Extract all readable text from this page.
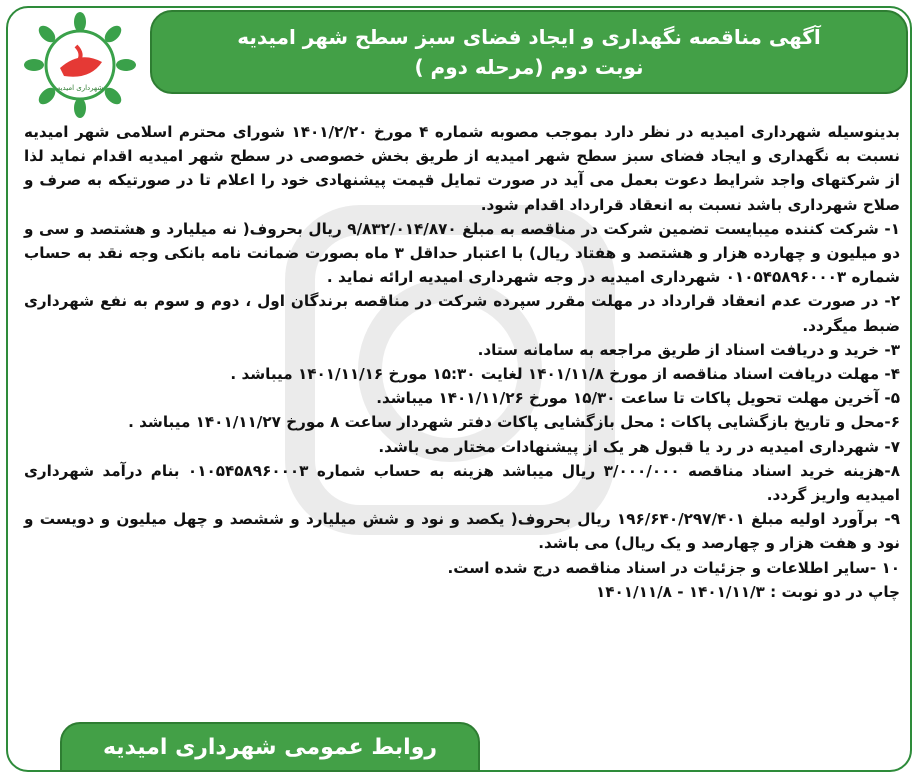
آگهی مناقصه نگهداری و ایجاد فضای سبز سطح شهر امیدیه
( مرحله دوم) نوبت دوم
شهرداری امیدیه

بدینوسیله شهرداری امیدیه در نظر دارد بموجب مصوبه شماره ۴ مورخ ۱۴۰۱/۲/۲۰ شورای محترم اسلامی شهر امیدیه نسبت به نگهداری و ایجاد فضای سبز سطح شهر امیدیه از طریق بخش خصوصی در سطح شهر امیدیه اقدام نماید لذا از شرکتهای واجد شرایط دعوت بعمل می آید در صورت تمایل قیمت پیشنهادی خود را اعلام تا در صورتیکه به صرف و صلاح شهرداری باشد نسبت به انعقاد قرارداد اقدام شود.

۱- شرکت کننده میبایست تضمین شرکت در مناقصه به مبلغ ۹/۸۳۲/۰۱۴/۸۷۰ ریال بحروف( نه میلیارد و هشتصد و سی و دو میلیون و چهارده هزار و هشتصد و هفتاد ریال) با اعتبار حداقل ۳ ماه بصورت ضمانت نامه بانکی وجه نقد به حساب شماره ۰۱۰۵۴۵۸۹۶۰۰۰۳ شهرداری امیدیه در وجه شهرداری امیدیه ارائه نماید .

۲- در صورت عدم انعقاد قرارداد در مهلت مقرر سپرده شرکت در مناقصه برندگان اول ، دوم و سوم به نفع شهرداری ضبط میگردد.

۳- خرید و دریافت اسناد از طریق مراجعه به سامانه ستاد.

۴- مهلت دریافت اسناد مناقصه از مورخ ۱۴۰۱/۱۱/۸ لغایت ۱۵:۳۰ مورخ ۱۴۰۱/۱۱/۱۶ میباشد .

۵- آخرین مهلت تحویل پاکات تا ساعت ۱۵/۳۰ مورخ ۱۴۰۱/۱۱/۲۶ میباشد.

۶-محل و تاریخ بازگشایی پاکات : محل بازگشایی پاکات دفتر شهردار ساعت ۸ مورخ ۱۴۰۱/۱۱/۲۷ میباشد .

۷- شهرداری امیدیه در رد یا قبول هر یک از پیشنهادات مختار می باشد.

۸-هزینه خرید اسناد مناقصه ۳/۰۰۰/۰۰۰ ریال میباشد هزینه به حساب شماره ۰۱۰۵۴۵۸۹۶۰۰۰۳ بنام درآمد شهرداری امیدیه واریز گردد.

۹- برآورد اولیه مبلغ ۱۹۶/۶۴۰/۲۹۷/۴۰۱ ریال بحروف( یکصد و نود و شش میلیارد و ششصد و چهل میلیون و دویست و نود و هفت هزار و چهارصد و یک ریال) می باشد.

۱۰ -سایر اطلاعات و جزئیات در اسناد مناقصه درج شده است.

چاپ در دو نوبت : ۱۴۰۱/۱۱/۳ - ۱۴۰۱/۱۱/۸

روابط عمومی شهرداری امیدیه
